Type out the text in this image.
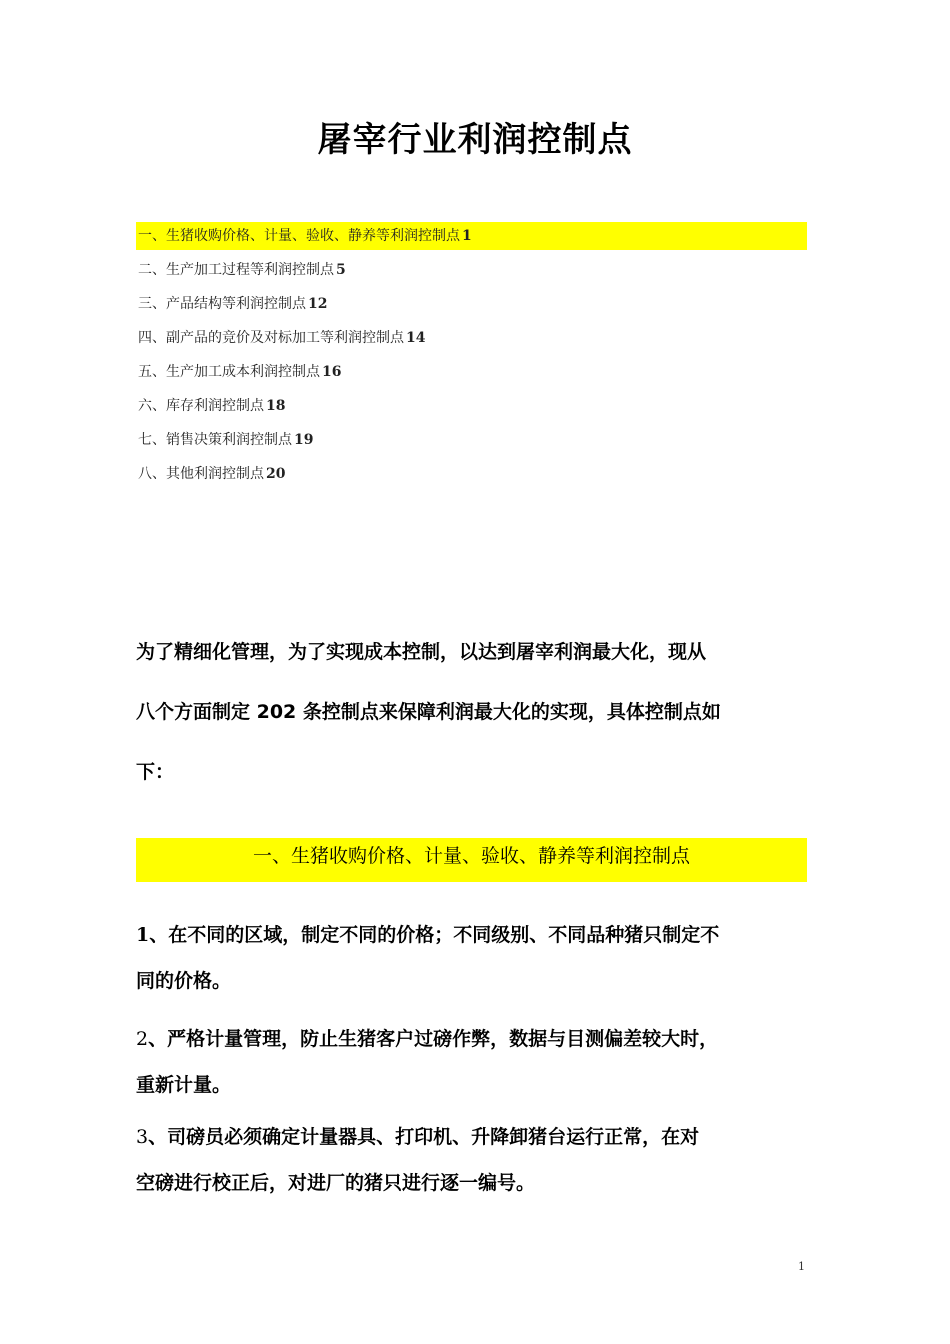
屠宰行业利润控制点
一、生猪收购价格、计量、验收、静养等利润控制点 1
二、生产加工过程等利润控制点 5
三、产品结构等利润控制点 12
四、副产品的竞价及对标加工等利润控制点 14
五、生产加工成本利润控制点 16
六、库存利润控制点 18
七、销售决策利润控制点 19
八、其他利润控制点 20
为了精细化管理，为了实现成本控制，以达到屠宰利润最大化，现从
八个方面制定 202 条控制点来保障利润最大化的实现，具体控制点如
下：
一、生猪收购价格、计量、验收、静养等利润控制点
1、在不同的区域，制定不同的价格；不同级别、不同品种猪只制定不
同的价格。
2、严格计量管理，防止生猪客户过磅作弊，数据与目测偏差较大时，
重新计量。
3、司磅员必须确定计量器具、打印机、升降卸猪台运行正常，在对
空磅进行校正后，对进厂的猪只进行逐一编号。
1
